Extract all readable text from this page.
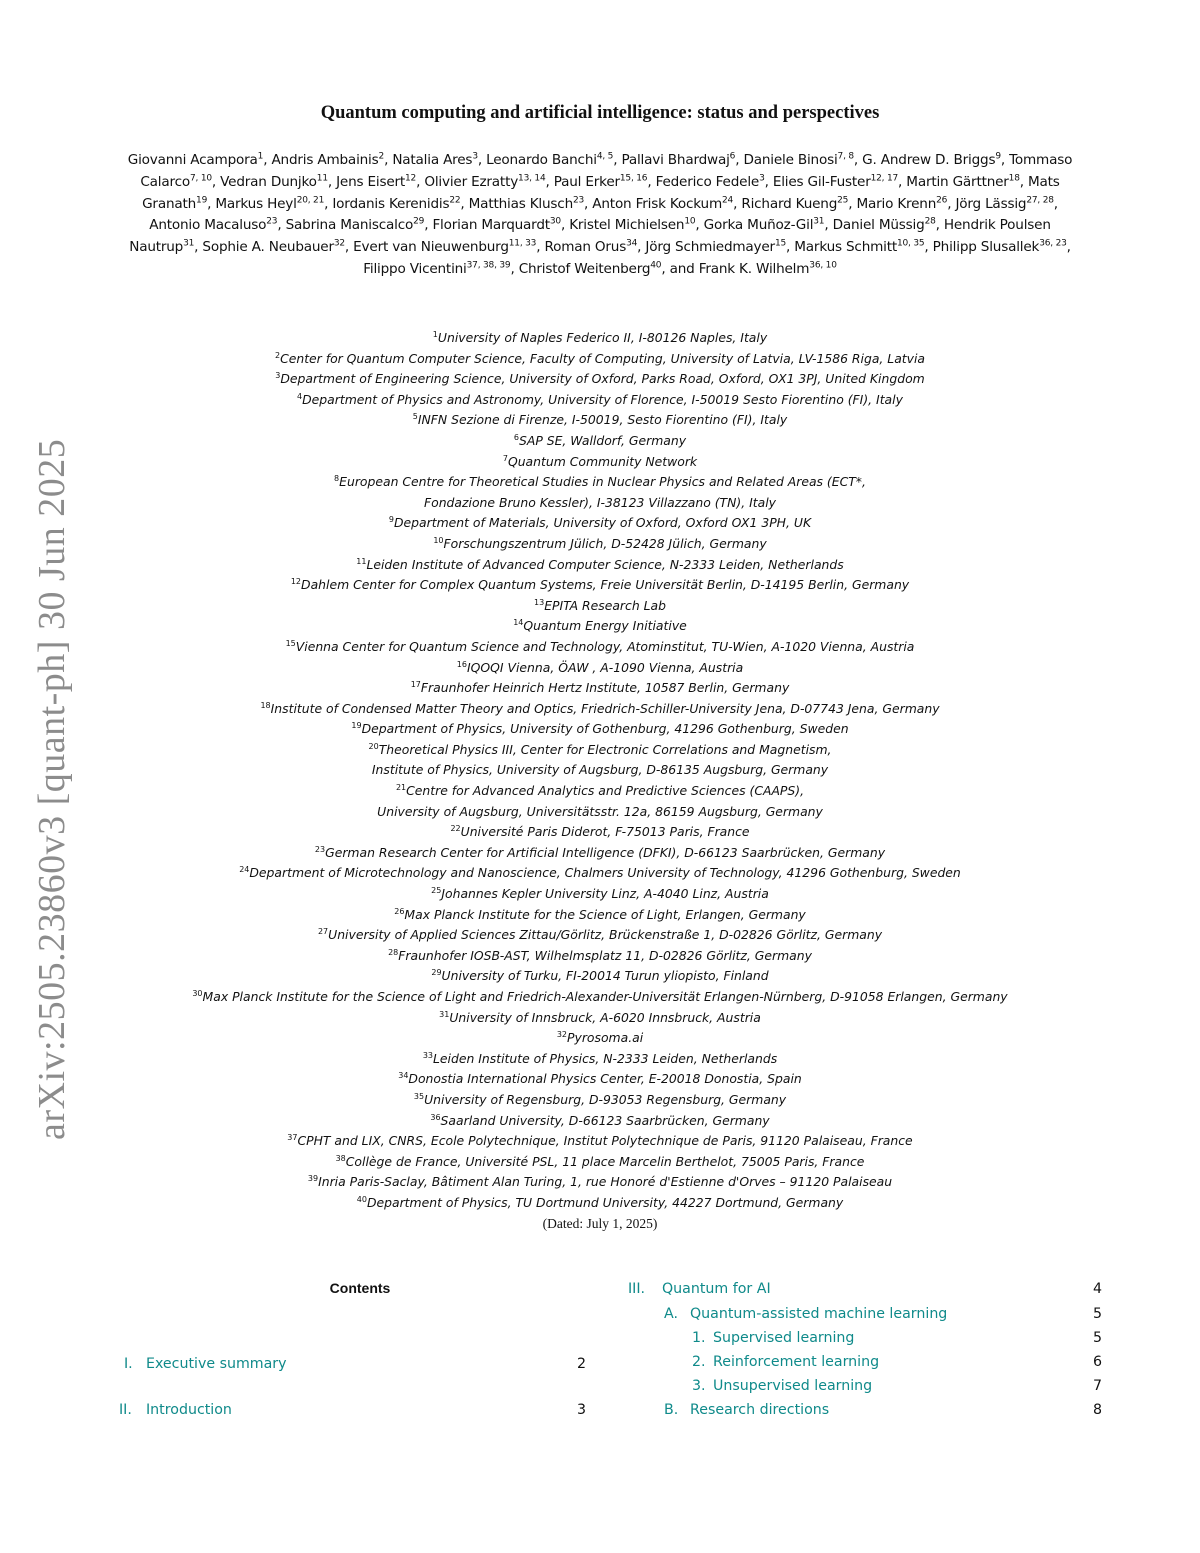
arXiv:2505.23860v3 [quant-ph] 30 Jun 2025
Quantum computing and artificial intelligence: status and perspectives
Giovanni Acampora$^1$, Andris Ambainis$^2$, Natalia Ares$^3$, Leonardo Banchi$^{4, 5}$, Pallavi Bhardwaj$^6$, Daniele Binosi$^{7, 8}$, G. Andrew D. Briggs$^9$, Tommaso Calarco$^{7, 10}$, Vedran Dunjko$^{11}$, Jens Eisert$^{12}$, Olivier Ezratty$^{13, 14}$, Paul Erker$^{15, 16}$, Federico Fedele$^3$, Elies Gil-Fuster$^{12, 17}$, Martin Gärttner$^{18}$, Mats Granath$^{19}$, Markus Heyl$^{20, 21}$, Iordanis Kerenidis$^{22}$, Matthias Klusch$^{23}$, Anton Frisk Kockum$^{24}$, Richard Kueng$^{25}$, Mario Krenn$^{26}$, Jörg Lässig$^{27, 28}$, Antonio Macaluso$^{23}$, Sabrina Maniscalco$^{29}$, Florian Marquardt$^{30}$, Kristel Michielsen$^{10}$, Gorka Muñoz-Gil$^{31}$, Daniel Müssig$^{28}$, Hendrik Poulsen Nautrup$^{31}$, Sophie A. Neubauer$^{32}$, Evert van Nieuwenburg$^{11, 33}$, Roman Orus$^{34}$, Jörg Schmiedmayer$^{15}$, Markus Schmitt$^{10, 35}$, Philipp Slusallek$^{36, 23}$, Filippo Vicentini$^{37, 38, 39}$, Christof Weitenberg$^{40}$, and Frank K. Wilhelm$^{36, 10}$
$^1$University of Naples Federico II, I-80126 Naples, Italy
$^2$Center for Quantum Computer Science, Faculty of Computing, University of Latvia, LV-1586 Riga, Latvia
$^3$Department of Engineering Science, University of Oxford, Parks Road, Oxford, OX1 3PJ, United Kingdom
$^4$Department of Physics and Astronomy, University of Florence, I-50019 Sesto Fiorentino (FI), Italy
$^5$INFN Sezione di Firenze, I-50019, Sesto Fiorentino (FI), Italy
$^6$SAP SE, Walldorf, Germany
$^7$Quantum Community Network
$^8$European Centre for Theoretical Studies in Nuclear Physics and Related Areas (ECT*,
Fondazione Bruno Kessler), I-38123 Villazzano (TN), Italy
$^9$Department of Materials, University of Oxford, Oxford OX1 3PH, UK
$^{10}$Forschungszentrum Jülich, D-52428 Jülich, Germany
$^{11}$Leiden Institute of Advanced Computer Science, N-2333 Leiden, Netherlands
$^{12}$Dahlem Center for Complex Quantum Systems, Freie Universität Berlin, D-14195 Berlin, Germany
$^{13}$EPITA Research Lab
$^{14}$Quantum Energy Initiative
$^{15}$Vienna Center for Quantum Science and Technology, Atominstitut, TU-Wien, A-1020 Vienna, Austria
$^{16}$IQOQI Vienna, ÖAW , A-1090 Vienna, Austria
$^{17}$Fraunhofer Heinrich Hertz Institute, 10587 Berlin, Germany
$^{18}$Institute of Condensed Matter Theory and Optics, Friedrich-Schiller-University Jena, D-07743 Jena, Germany
$^{19}$Department of Physics, University of Gothenburg, 41296 Gothenburg, Sweden
$^{20}$Theoretical Physics III, Center for Electronic Correlations and Magnetism,
Institute of Physics, University of Augsburg, D-86135 Augsburg, Germany
$^{21}$Centre for Advanced Analytics and Predictive Sciences (CAAPS),
University of Augsburg, Universitätsstr. 12a, 86159 Augsburg, Germany
$^{22}$Université Paris Diderot, F-75013 Paris, France
$^{23}$German Research Center for Artificial Intelligence (DFKI), D-66123 Saarbrücken, Germany
$^{24}$Department of Microtechnology and Nanoscience, Chalmers University of Technology, 41296 Gothenburg, Sweden
$^{25}$Johannes Kepler University Linz, A-4040 Linz, Austria
$^{26}$Max Planck Institute for the Science of Light, Erlangen, Germany
$^{27}$University of Applied Sciences Zittau/Görlitz, Brückenstraße 1, D-02826 Görlitz, Germany
$^{28}$Fraunhofer IOSB-AST, Wilhelmsplatz 11, D-02826 Görlitz, Germany
$^{29}$University of Turku, FI-20014 Turun yliopisto, Finland
$^{30}$Max Planck Institute for the Science of Light and Friedrich-Alexander-Universität Erlangen-Nürnberg, D-91058 Erlangen, Germany
$^{31}$University of Innsbruck, A-6020 Innsbruck, Austria
$^{32}$Pyrosoma.ai
$^{33}$Leiden Institute of Physics, N-2333 Leiden, Netherlands
$^{34}$Donostia International Physics Center, E-20018 Donostia, Spain
$^{35}$University of Regensburg, D-93053 Regensburg, Germany
$^{36}$Saarland University, D-66123 Saarbrücken, Germany
$^{37}$CPHT and LIX, CNRS, Ecole Polytechnique, Institut Polytechnique de Paris, 91120 Palaiseau, France
$^{38}$Collège de France, Université PSL, 11 place Marcelin Berthelot, 75005 Paris, France
$^{39}$Inria Paris-Saclay, Bâtiment Alan Turing, 1, rue Honoré d'Estienne d'Orves – 91120 Palaiseau
$^{40}$Department of Physics, TU Dortmund University, 44227 Dortmund, Germany
(Dated: July 1, 2025)
Contents
I. Executive summary	2
II. Introduction	3
III. Quantum for AI	4
A. Quantum-assisted machine learning	5
1. Supervised learning	5
2. Reinforcement learning	6
3. Unsupervised learning	7
B. Research directions	8
